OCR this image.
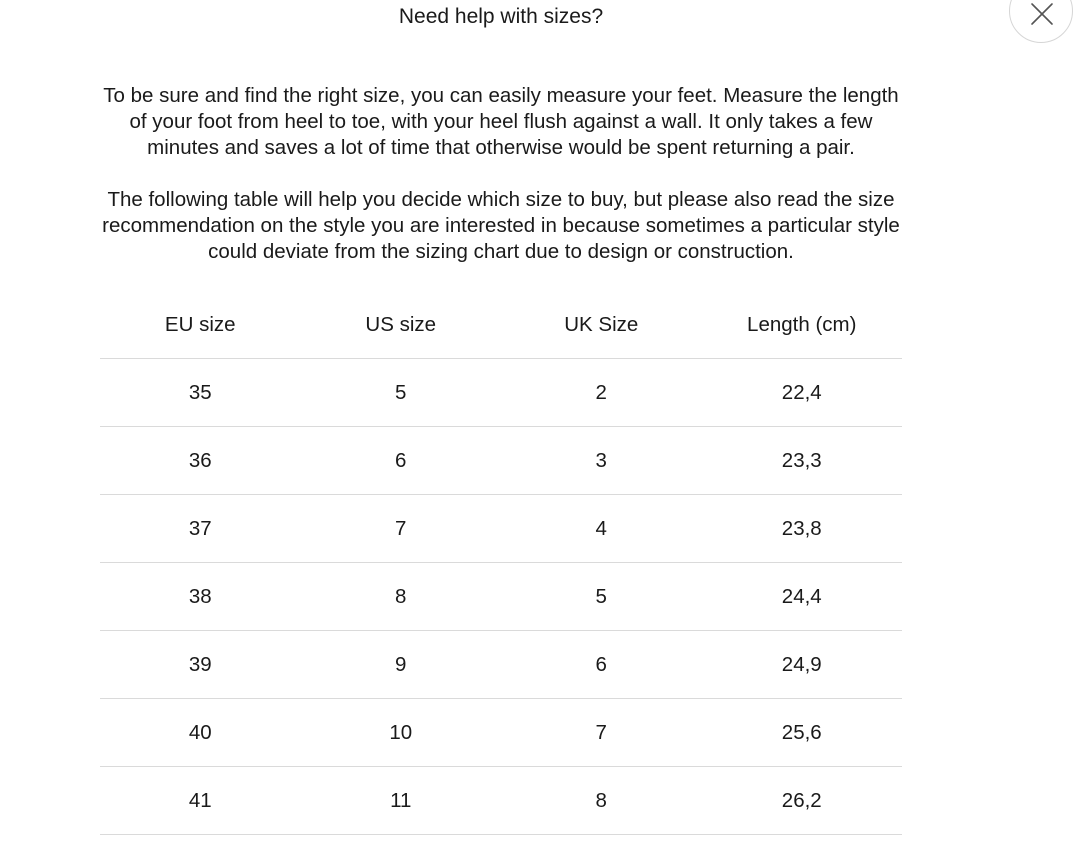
Need help with sizes?

To be sure and find the right size, you can easily measure your feet. Measure the length of your foot from heel to toe, with your heel flush against a wall. It only takes a few minutes and saves a lot of time that otherwise would be spent returning a pair.

The following table will help you decide which size to buy, but please also read the size recommendation on the style you are interested in because sometimes a particular style could deviate from the sizing chart due to design or construction.

EU size	US size	UK Size	Length (cm)
35	5	2	22,4
36	6	3	23,3
37	7	4	23,8
38	8	5	24,4
39	9	6	24,9
40	10	7	25,6
41	11	8	26,2
